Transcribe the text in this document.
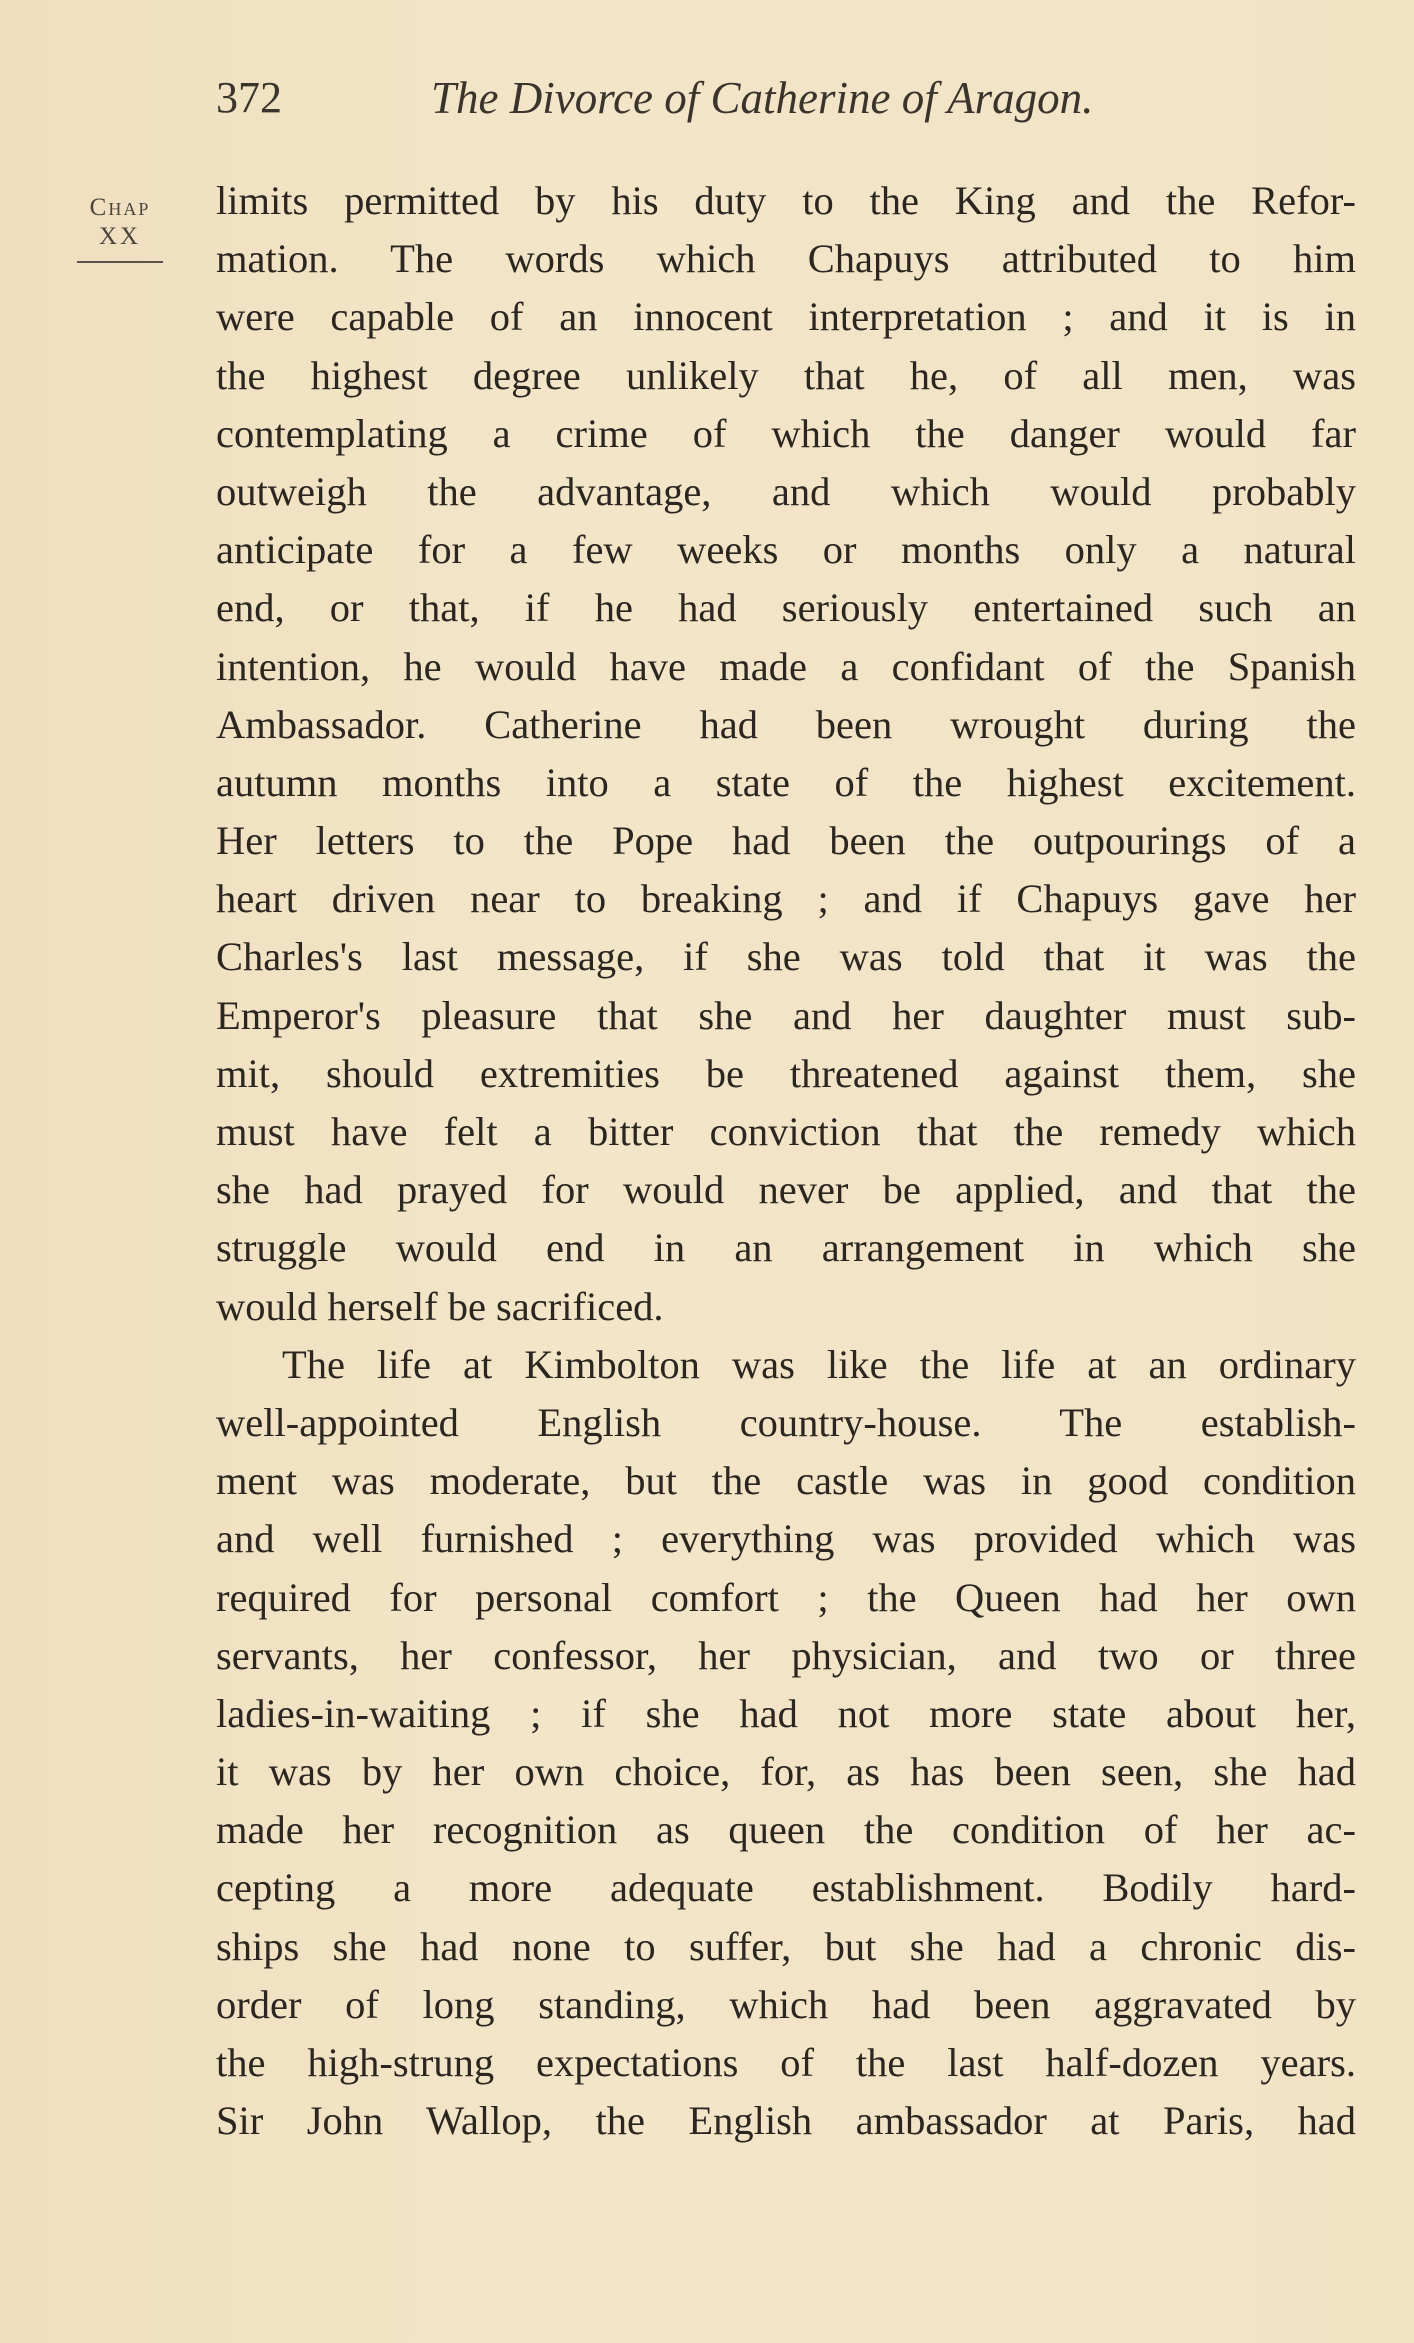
372	The Divorce of Catherine of Aragon.
Chap
XX
limits permitted by his duty to the King and the Refor-
mation. The words which Chapuys attributed to him
were capable of an innocent interpretation ; and it is in
the highest degree unlikely that he, of all men, was
contemplating a crime of which the danger would far
outweigh the advantage, and which would probably
anticipate for a few weeks or months only a natural
end, or that, if he had seriously entertained such an
intention, he would have made a confidant of the Spanish
Ambassador. Catherine had been wrought during the
autumn months into a state of the highest excitement.
Her letters to the Pope had been the outpourings of a
heart driven near to breaking ; and if Chapuys gave her
Charles's last message, if she was told that it was the
Emperor's pleasure that she and her daughter must sub-
mit, should extremities be threatened against them, she
must have felt a bitter conviction that the remedy which
she had prayed for would never be applied, and that the
struggle would end in an arrangement in which she
would herself be sacrificed.
The life at Kimbolton was like the life at an ordinary
well-appointed English country-house. The establish-
ment was moderate, but the castle was in good condition
and well furnished ; everything was provided which was
required for personal comfort ; the Queen had her own
servants, her confessor, her physician, and two or three
ladies-in-waiting ; if she had not more state about her,
it was by her own choice, for, as has been seen, she had
made her recognition as queen the condition of her ac-
cepting a more adequate establishment. Bodily hard-
ships she had none to suffer, but she had a chronic dis-
order of long standing, which had been aggravated by
the high-strung expectations of the last half-dozen years.
Sir John Wallop, the English ambassador at Paris, had
